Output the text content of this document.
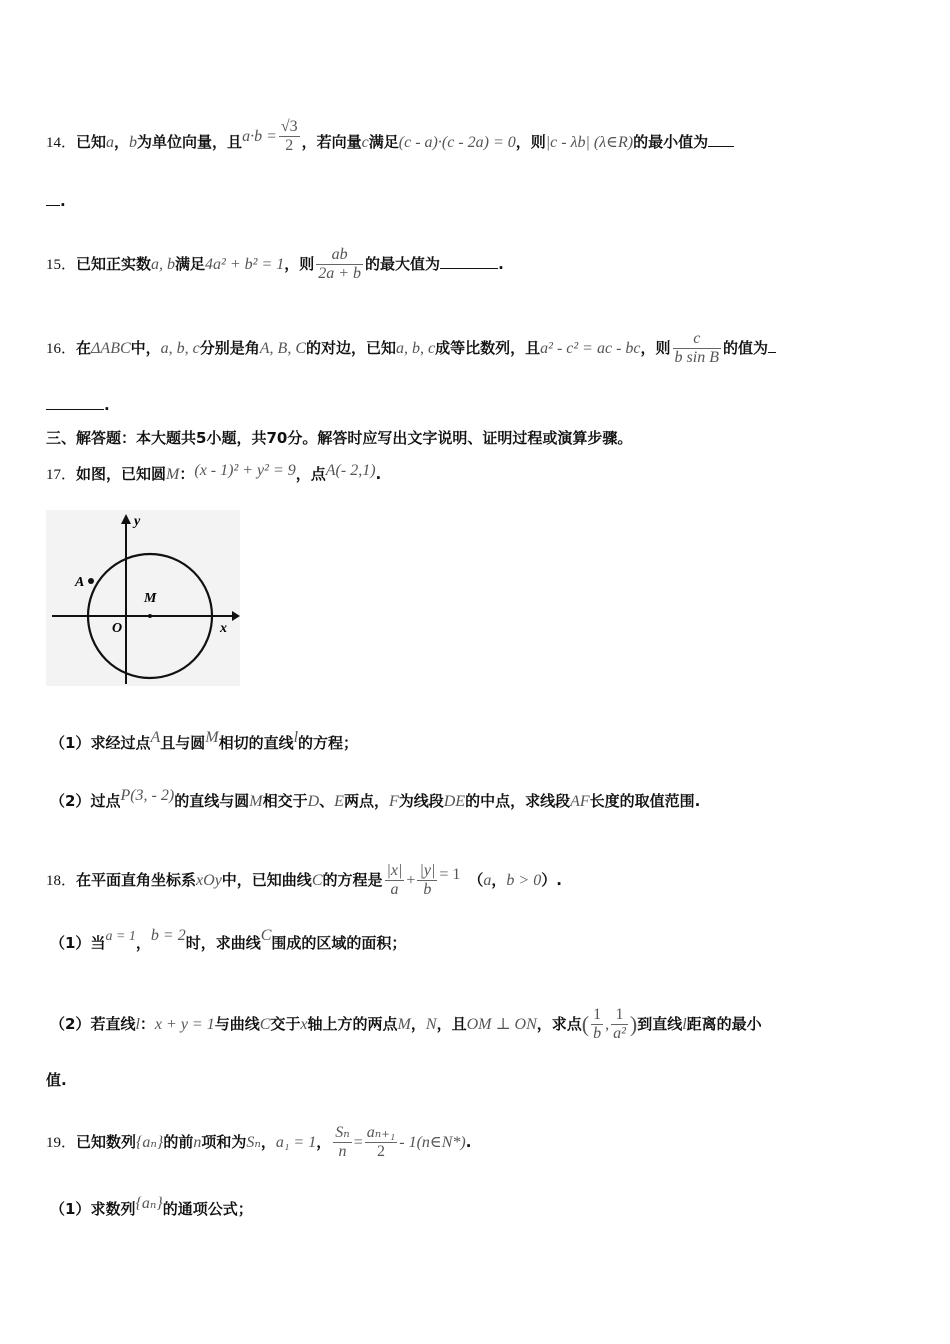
14．已知a，b为单位向量，且$a\cdot b = \frac{√3}{2}$ ，若向量c满足(c - a)·(c - 2a) = 0，则|c - λb| (λ∈R)的最小值为
.
15．已知正实数a, b满足4a² + b² = 1，则 $\frac{ab}{2a + b}$ 的最大值为	.
16．在ΔABC中，a, b, c分别是角A, B, C的对边，已知a, b, c成等比数列，且a² - c² = ac - bc，则 $\frac{c}{\text{b sin B}}$ 的值为
.
三、解答题：本大题共5小题，共70分。解答时应写出文字说明、证明过程或演算步骤。
17．如图，已知圆M：(x - 1)² + y² = 9，点A(- 2,1).
y
x
A
M
O
（1）求经过点A且与圆M相切的直线l的方程；
（2）过点P(3, - 2)的直线与圆M相交于D、E两点，F为线段DE的中点，求线段AF长度的取值范围.
18．在平面直角坐标系xOy中，已知曲线C的方程是 $\frac{|x|}{a} + \frac{|y|}{b} = 1$ （a，b > 0）.
（1）当a = 1，b = 2时，求曲线C围成的区域的面积；
（2）若直线l：x + y = 1与曲线C交于x轴上方的两点M，N，且OM ⊥ ON，求点( $\frac{1}{b}$ , $\frac{1}{\text{a²}}$ )到直线l距离的最小
值.
19．已知数列{aₙ}的前n项和为Sₙ，a₁ = 1， $\frac{\text{Sₙ}}{n} = \frac{\text{aₙ₊₁}}{2}$ - 1(n∈N*).
（1）求数列{aₙ}的通项公式；
